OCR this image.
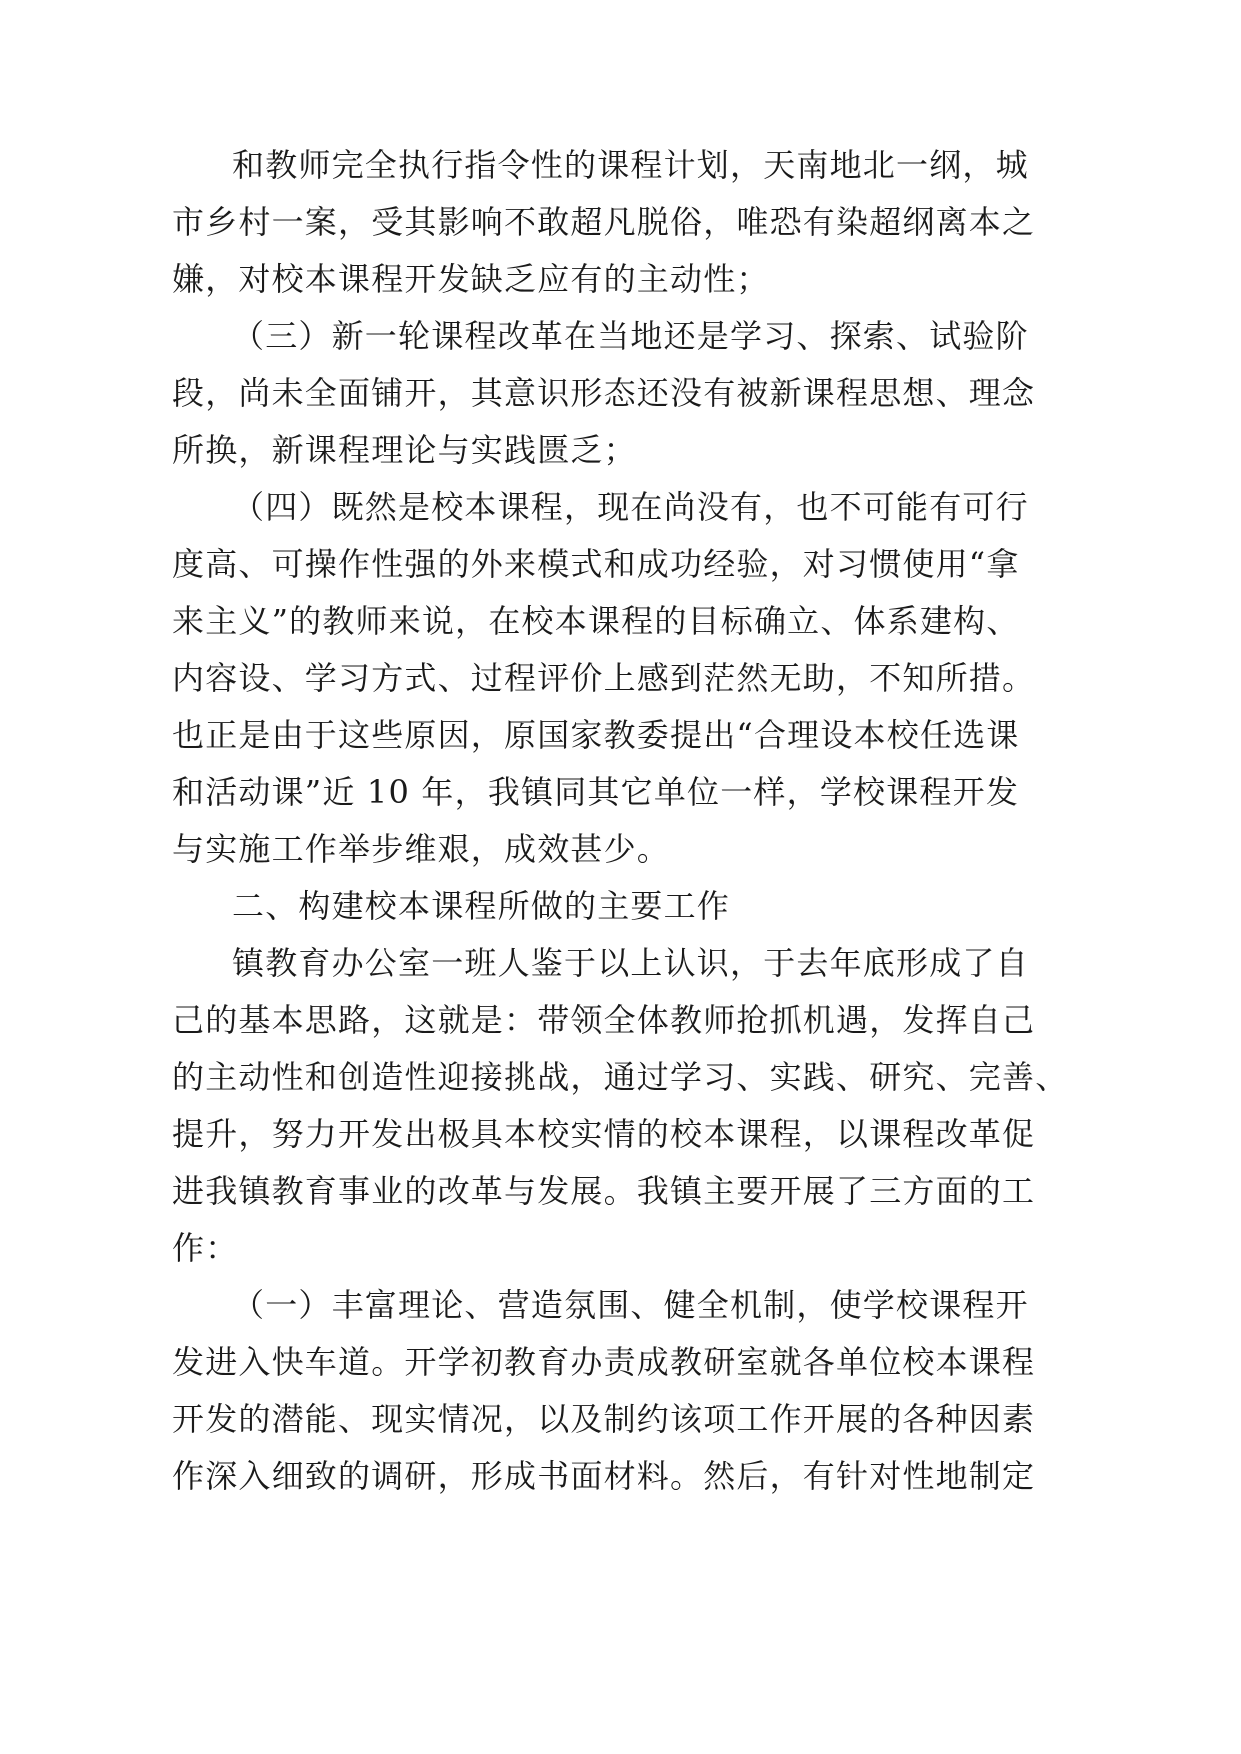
和教师完全执行指令性的课程计划，天南地北一纲，城
市乡村一案，受其影响不敢超凡脱俗，唯恐有染超纲离本之
嫌，对校本课程开发缺乏应有的主动性；
（三）新一轮课程改革在当地还是学习、探索、试验阶
段，尚未全面铺开，其意识形态还没有被新课程思想、理念
所换，新课程理论与实践匮乏；
（四）既然是校本课程，现在尚没有，也不可能有可行
度高、可操作性强的外来模式和成功经验，对习惯使用“拿
来主义”的教师来说，在校本课程的目标确立、体系建构、
内容设、学习方式、过程评价上感到茫然无助，不知所措。
也正是由于这些原因，原国家教委提出“合理设本校任选课
和活动课”近 10 年，我镇同其它单位一样，学校课程开发
与实施工作举步维艰，成效甚少。
二、构建校本课程所做的主要工作
镇教育办公室一班人鉴于以上认识，于去年底形成了自
己的基本思路，这就是：带领全体教师抢抓机遇，发挥自己
的主动性和创造性迎接挑战，通过学习、实践、研究、完善、
提升，努力开发出极具本校实情的校本课程，以课程改革促
进我镇教育事业的改革与发展。我镇主要开展了三方面的工
作：
（一）丰富理论、营造氛围、健全机制，使学校课程开
发进入快车道。开学初教育办责成教研室就各单位校本课程
开发的潜能、现实情况，以及制约该项工作开展的各种因素
作深入细致的调研，形成书面材料。然后，有针对性地制定
